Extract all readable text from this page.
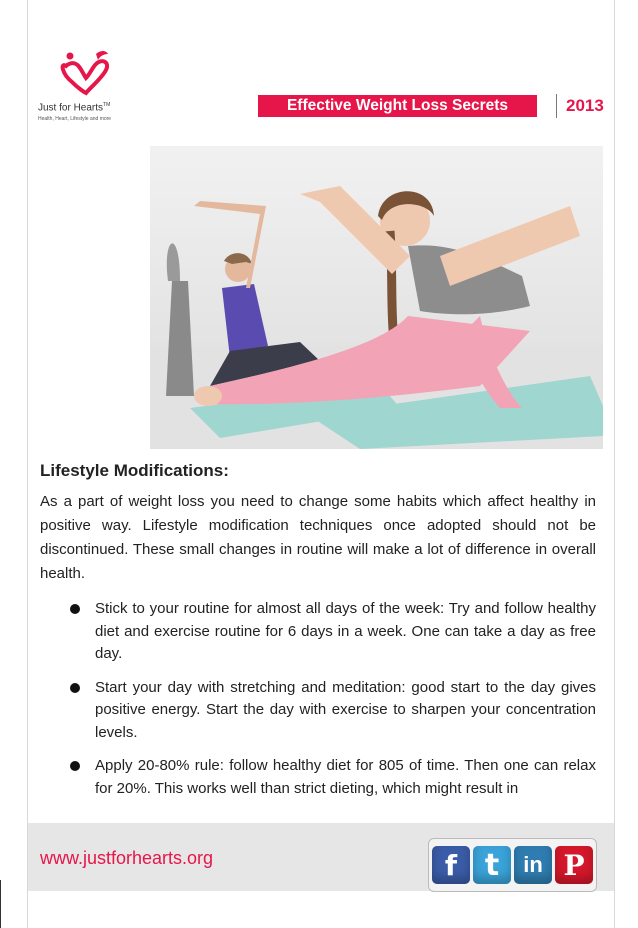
Just for Hearts™
Health, Heart, Lifestyle and more
Effective Weight Loss Secrets	2013
Lifestyle Modifications:

As a part of weight loss you need to change some habits which affect healthy in positive way. Lifestyle modification techniques once adopted should not be discontinued. These small changes in routine will make a lot of difference in overall health.

Stick to your routine for almost all days of the week: Try and follow healthy diet and exercise routine for 6 days in a week. One can take a day as free day.
Start your day with stretching and meditation: good start to the day gives positive energy. Start the day with exercise to sharpen your concentration levels.
Apply 20-80% rule: follow healthy diet for 805 of time. Then one can relax for 20%. This works well than strict dieting, which might result in
www.justforhearts.org	f t	in P
